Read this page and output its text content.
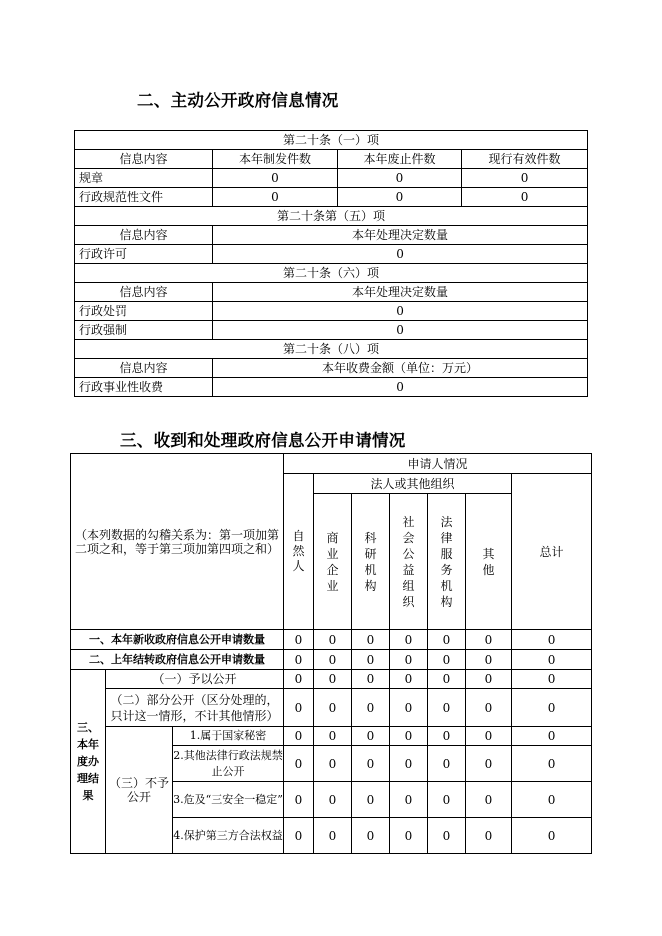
二、主动公开政府信息情况
第二十条（一）项			
信息内容	本年制发件数	本年废止件数	现行有效件数
规章	0	0	0
行政规范性文件	0	0	0
第二十条第（五）项			
信息内容	本年处理决定数量		
行政许可	0		
第二十条（六）项			
信息内容	本年处理决定数量		
行政处罚	0		
行政强制	0		
第二十条（八）项			
信息内容	本年收费金额（单位：万元）		
行政事业性收费	0		
三、收到和处理政府信息公开申请情况
（本列数据的勾稽关系为：第一项加第二项之和，等于第三项加第四项之和）			申请人情况						
			自然人	法人或其他组织					总计
				商业企业	科研机构	社会公益组织	法律服务机构	其他	
一、本年新收政府信息公开申请数量			0	0	0	0	0	0	0
二、上年结转政府信息公开申请数量			0	0	0	0	0	0	0
三、本年度办理结果	（一）予以公开		0	0	0	0	0	0	0
	（二）部分公开（区分处理的，只计这一情形，不计其他情形）		0	0	0	0	0	0	0
	（三）不予公开	1.属于国家秘密	0	0	0	0	0	0	0
		2.其他法律行政法规禁止公开	0	0	0	0	0	0	0
		3.危及“三安全一稳定”	0	0	0	0	0	0	0
		4.保护第三方合法权益	0	0	0	0	0	0	0
